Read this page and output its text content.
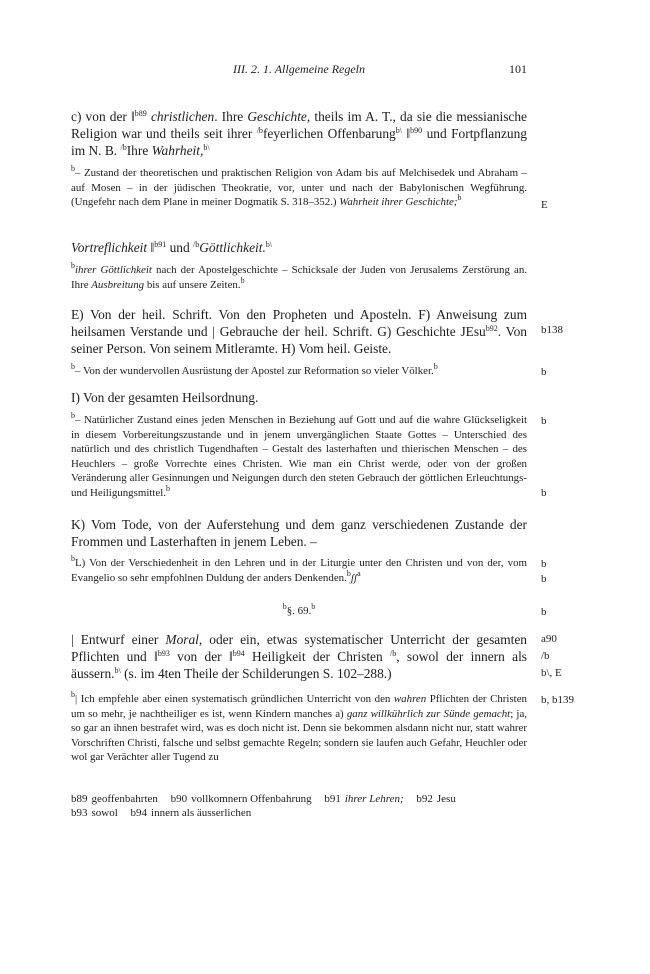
III. 2. 1. Allgemeine Regeln	101
c) von der ‖$^{b89}$ christlichen. Ihre Geschichte, theils im A. T., da sie die messianische Religion war und theils seit ihrer $^{/b}$feyerlichen Offenbarung$^{b\backslash}$ ‖$^{b90}$ und Fortpflanzung im N. B. $^{/b}$Ihre Wahrheit,$^{b\backslash}$
$^b$– Zustand der theoretischen und praktischen Religion von Adam bis auf Melchisedek und Abraham – auf Mosen – in der jüdischen Theokratie, vor, unter und nach der Babylonischen Wegführung. (Ungefehr nach dem Plane in meiner Dogmatik S. 318–352.) Wahrheit ihrer Geschichte;$^b$
E
Vortreflichkeit ‖$^{b91}$ und $^{/b}$Göttlichkeit.$^{b\backslash}$
$^b$ihrer Göttlichkeit nach der Apostelgeschichte – Schicksale der Juden von Jerusalems Zerstörung an. Ihre Ausbreitung bis auf unsere Zeiten.$^b$
E) Von der heil. Schrift. Von den Propheten und Aposteln. F) Anweisung zum heilsamen Verstande und | Gebrauche der heil. Schrift. G) Geschichte JEsu$^{b92}$. Von seiner Person. Von seinem Mitleramte. H) Vom heil. Geiste.
b138
$^b$– Von der wundervollen Ausrüstung der Apostel zur Reformation so vieler Völker.$^b$	b
I) Von der gesamten Heilsordnung.
$^b$– Natürlicher Zustand eines jeden Menschen in Beziehung auf Gott und auf die wahre Glückseligkeit in diesem Vorbereitungszustande und in jenem unvergänglichen Staate Gottes – Unterschied des natürlich und des christlich Tugendhaften – Gestalt des lasterhaften und thierischen Menschen – des Heuchlers – große Vorrechte eines Christen. Wie man ein Christ werde, oder von der großen Veränderung aller Gesinnungen und Neigungen durch den steten Gebrauch der göttlichen Erleuchtungs- und Heiligungsmittel.$^b$
b
b
K) Vom Tode, von der Auferstehung und dem ganz verschiedenen Zustande der Frommen und Lasterhaften in jenem Leben. –
$^b$L) Von der Verschiedenheit in den Lehren und in der Liturgie unter den Christen und von der, vom Evangelio so sehr empfohlnen Duldung der anders Denkenden.$^b$ʃʃ$^a$
b
b
$^b$§. 69.$^b$	b
| Entwurf einer Moral, oder ein, etwas systematischer Unterricht der gesamten Pflichten und ‖$^{b93}$ von der ‖$^{b94}$ Heiligkeit der Christen $^{/b}$, sowol der innern als äussern.$^{b\backslash}$ (s. im 4ten Theile der Schilderungen S. 102–288.)
a90
/b
b\, E
$^b$| Ich empfehle aber einen systematisch gründlichen Unterricht von den wahren Pflichten der Christen um so mehr, je nachtheiliger es ist, wenn Kindern manches a) ganz willkührlich zur Sünde gemacht; ja, so gar an ihnen bestrafet wird, was es doch nicht ist. Denn sie bekommen alsdann nicht nur, statt wahrer Vorschriften Christi, falsche und selbst gemachte Regeln; sondern sie laufen auch Gefahr, Heuchler oder wol gar Verächter aller Tugend zu
b, b139
b89 geoffenbahrten b90 vollkomnern Offenbahrung b91 ihrer Lehren; b92 Jesu
b93 sowol b94 innern als äusserlichen
